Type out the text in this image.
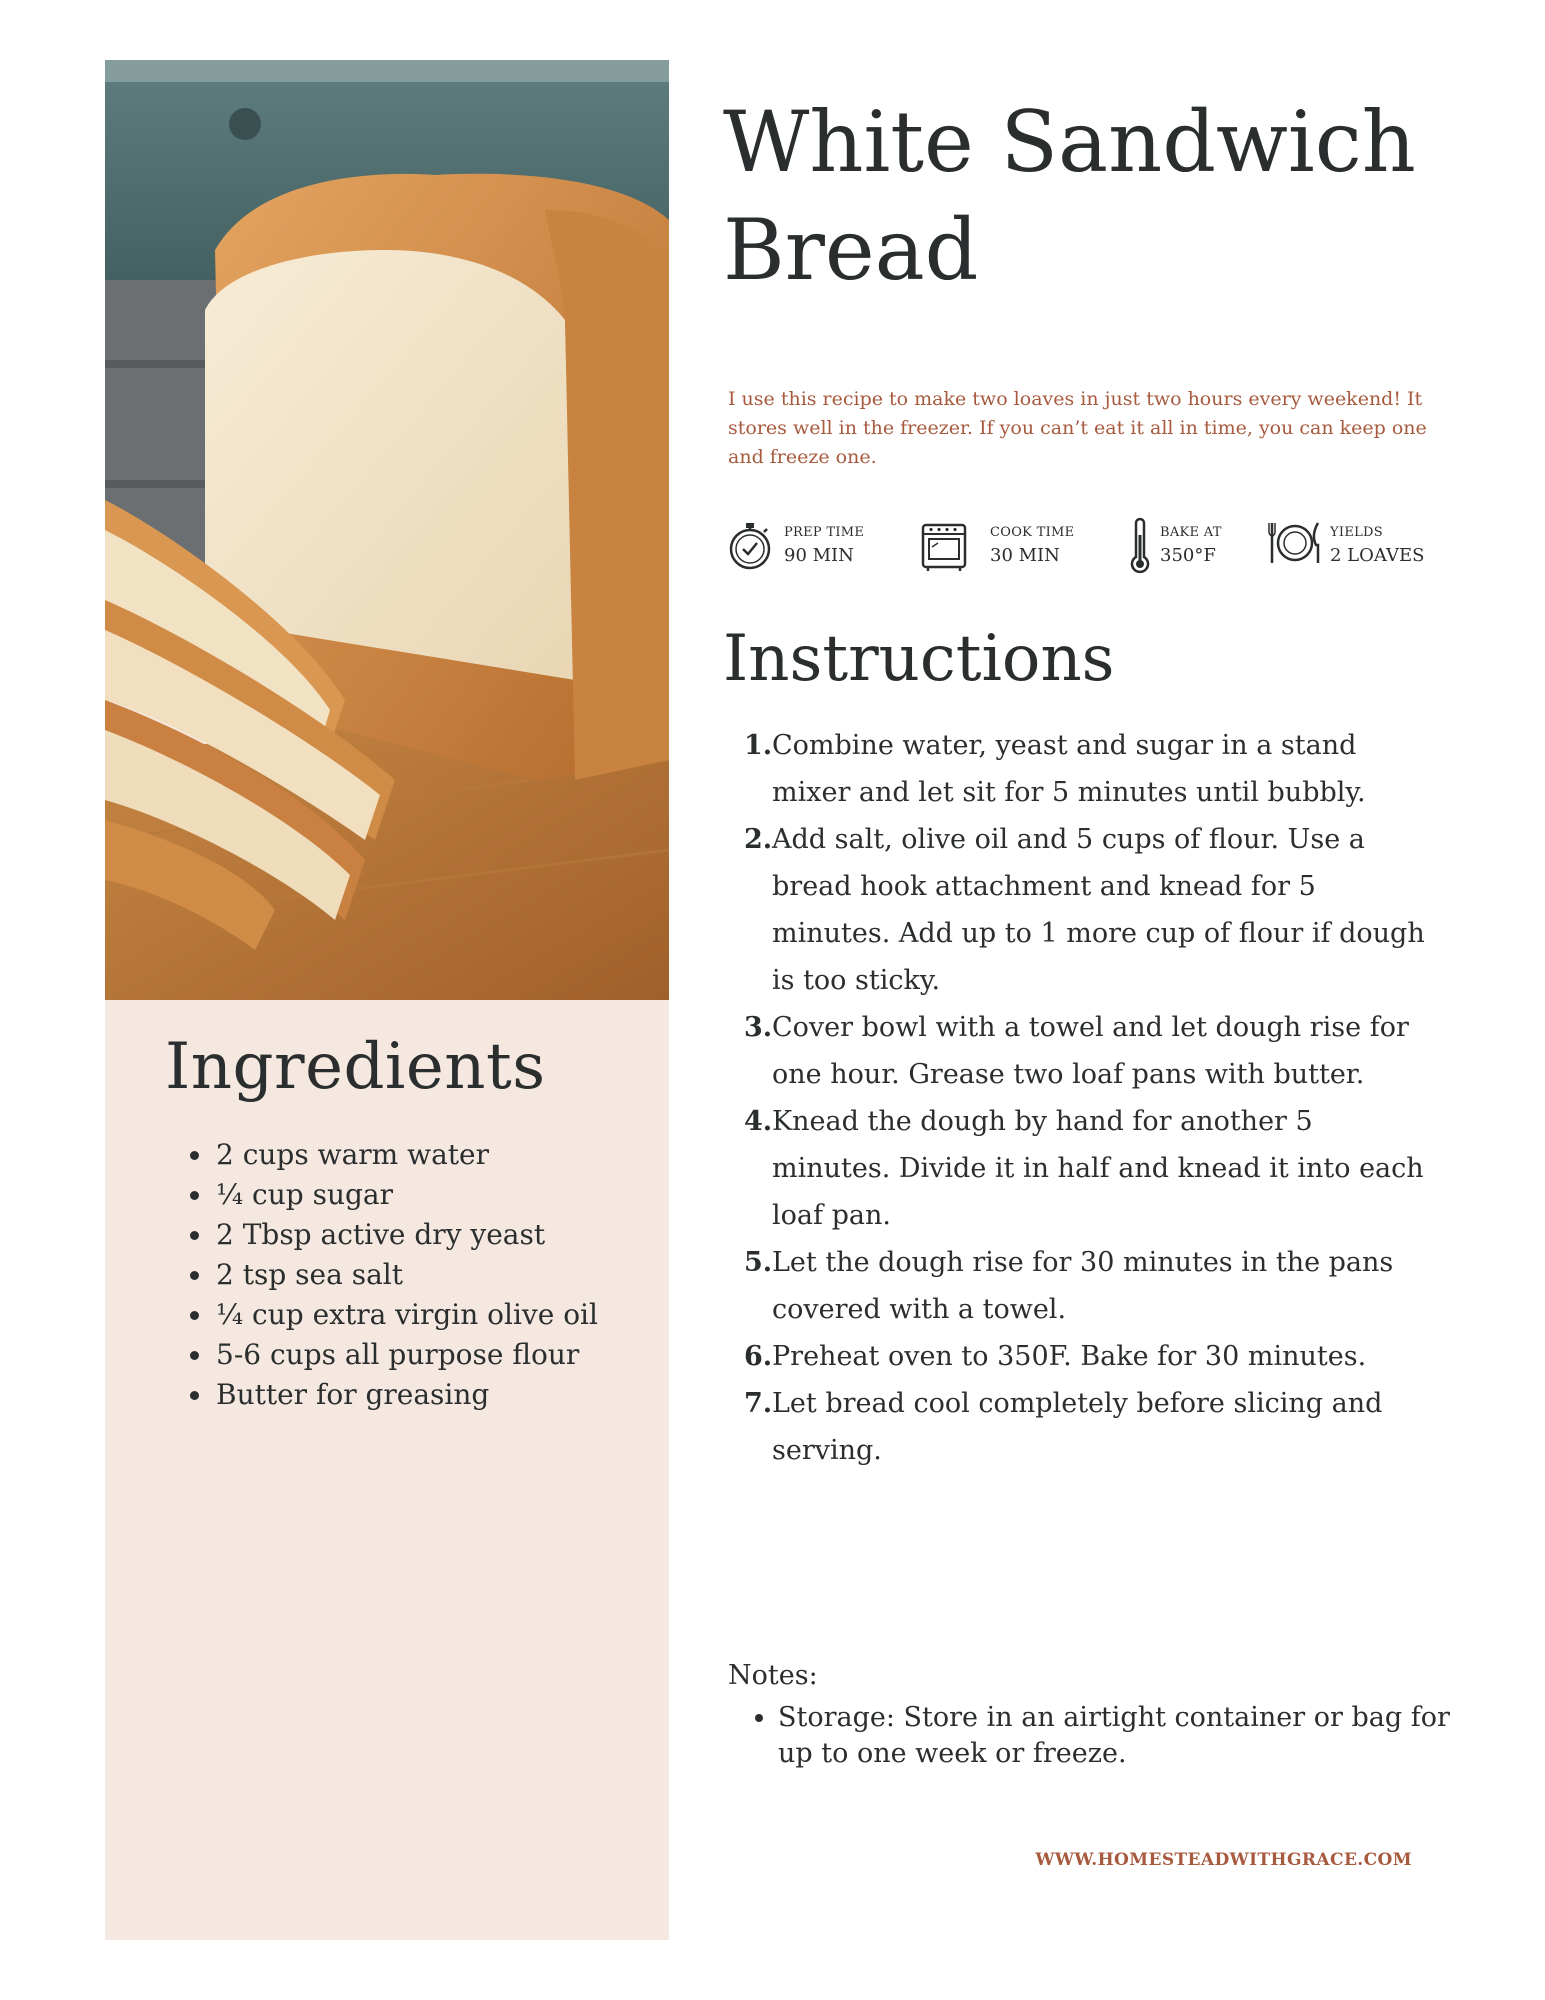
Ingredients
• 2 cups warm water
• ¼ cup sugar
• 2 Tbsp active dry yeast
• 2 tsp sea salt
• ¼ cup extra virgin olive oil
• 5-6 cups all purpose flour
• Butter for greasing
White Sandwich Bread

I use this recipe to make two loaves in just two hours every weekend! It stores well in the freezer. If you can’t eat it all in time, you can keep one and freeze one.

PREP TIME
90 MIN
COOK TIME
30 MIN
BAKE AT
350°F
YIELDS
2 LOAVES
Instructions
1. Combine water, yeast and sugar in a stand mixer and let sit for 5 minutes until bubbly.
2. Add salt, olive oil and 5 cups of flour. Use a bread hook attachment and knead for 5 minutes. Add up to 1 more cup of flour if dough is too sticky.
3. Cover bowl with a towel and let dough rise for one hour. Grease two loaf pans with butter.
4. Knead the dough by hand for another 5 minutes. Divide it in half and knead it into each loaf pan.
5. Let the dough rise for 30 minutes in the pans covered with a towel.
6. Preheat oven to 350F. Bake for 30 minutes.
7. Let bread cool completely before slicing and serving.

Notes:

• Storage: Store in an airtight container or bag for up to one week or freeze.

WWW.HOMESTEADWITHGRACE.COM
